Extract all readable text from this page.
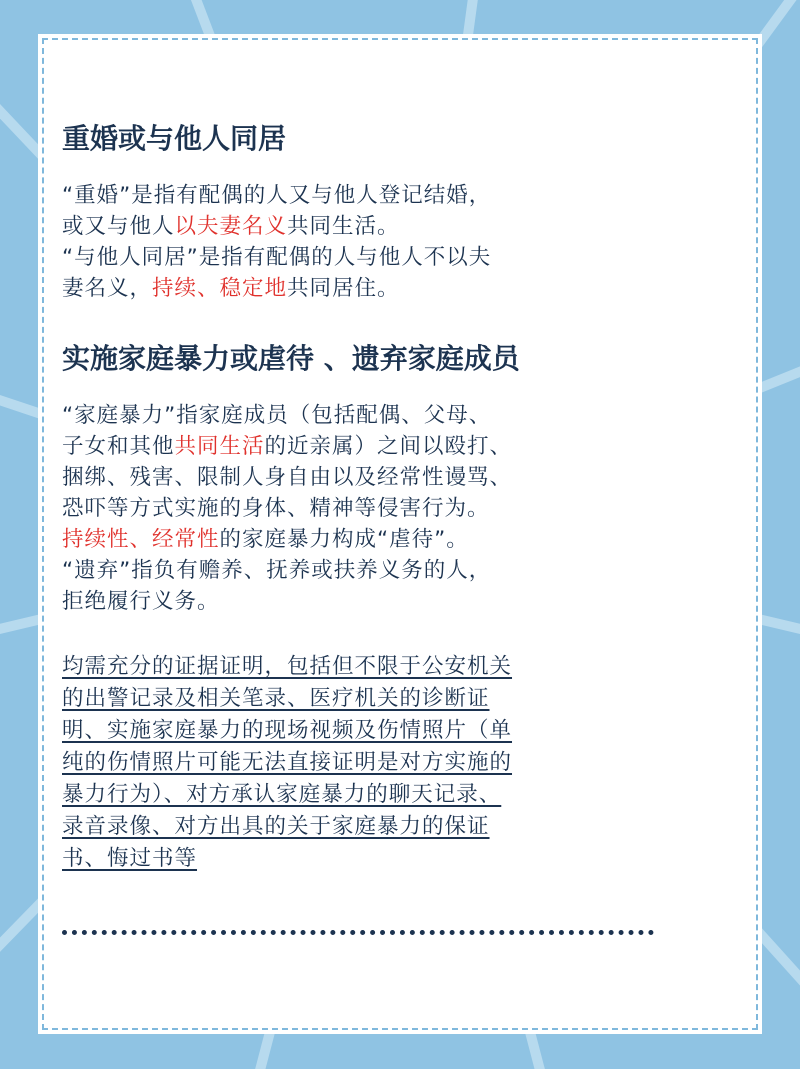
重婚或与他人同居

“重婚”是指有配偶的人又与他人登记结婚，
或又与他人以夫妻名义共同生活。
“与他人同居”是指有配偶的人与他人不以夫
妻名义，持续、稳定地共同居住。

实施家庭暴力或虐待 、遗弃家庭成员

“家庭暴力”指家庭成员（包括配偶、父母、
子女和其他共同生活的近亲属）之间以殴打、
捆绑、残害、限制人身自由以及经常性谩骂、
恐吓等方式实施的身体、精神等侵害行为。
持续性、经常性的家庭暴力构成“虐待”。
“遗弃”指负有赡养、抚养或扶养义务的人，
拒绝履行义务。

均需充分的证据证明，包括但不限于公安机关
的出警记录及相关笔录、医疗机关的诊断证
明、实施家庭暴力的现场视频及伤情照片（单
纯的伤情照片可能无法直接证明是对方实施的
暴力行为）、对方承认家庭暴力的聊天记录、
录音录像、对方出具的关于家庭暴力的保证
书、悔过书等
